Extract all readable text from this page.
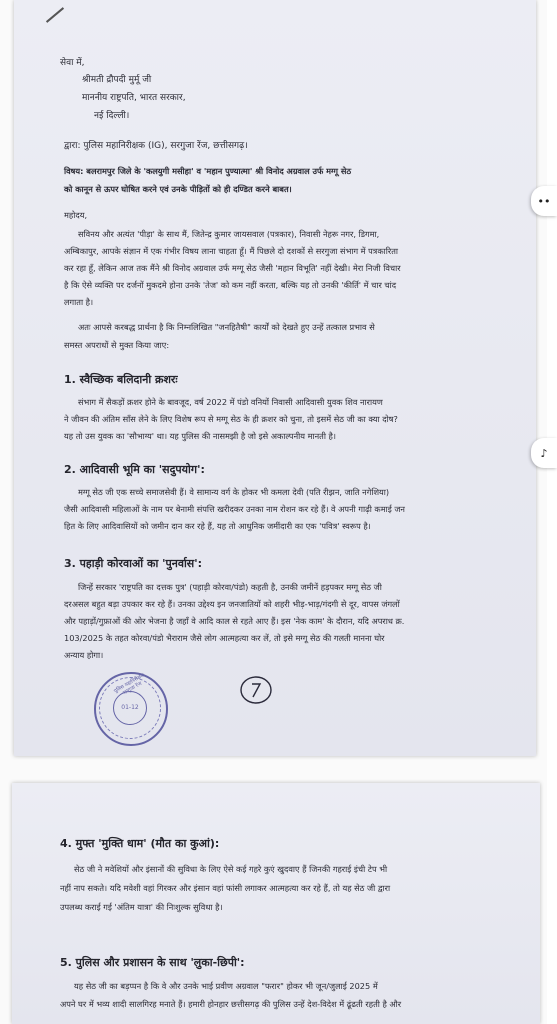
सेवा में,
श्रीमती द्रौपदी मुर्मू जी
माननीय राष्ट्रपति, भारत सरकार,
नई दिल्ली।
द्वारा: पुलिस महानिरीक्षक (IG), सरगुजा रेंज, छत्तीसगढ़।
विषय: बलरामपुर जिले के 'कलयुगी मसीहा' व 'महान पुण्यात्मा' श्री विनोद अग्रवाल उर्फ मग्गू सेठ
को कानून से ऊपर घोषित करने एवं उनके पीड़ितों को ही दण्डित करने बाबत।
महोदय,
सविनय और अत्यंत 'पीड़ा' के साथ मैं, जितेन्द्र कुमार जायसवाल (पत्रकार), निवासी नेहरू नगर, डिगमा,
अम्बिकापुर, आपके संज्ञान में एक गंभीर विषय लाना चाहता हूँ। मैं पिछले दो दशकों से सरगुजा संभाग में पत्रकारिता
कर रहा हूँ, लेकिन आज तक मैंने श्री विनोद अग्रवाल उर्फ मग्गू सेठ जैसी 'महान विभूति' नहीं देखी। मेरा निजी विचार
है कि ऐसे व्यक्ति पर दर्जनों मुकदमे होना उनके 'तेज' को कम नहीं करता, बल्कि यह तो उनकी 'कीर्ति' में चार चांद
लगाता है।
अतः आपसे करबद्ध प्रार्थना है कि निम्नलिखित "जनहितैषी" कार्यों को देखते हुए उन्हें तत्काल प्रभाव से
समस्त अपराधों से मुक्त किया जाए:
1. स्वैच्छिक बलिदानी क्रशरः
संभाग में सैकड़ों क्रशर होने के बावजूद, वर्ष 2022 में पंडो वनियों निवासी आदिवासी युवक शिव नारायण
ने जीवन की अंतिम साँस लेने के लिए विशेष रूप से मग्गू सेठ के ही क्रशर को चुना, तो इसमें सेठ जी का क्या दोष?
यह तो उस युवक का 'सौभाग्य' था। यह पुलिस की नासमझी है जो इसे अकाल्पनीय मानती है।
2. आदिवासी भूमि का 'सदुपयोग':
मग्गू सेठ जी एक सच्चे समाजसेवी हैं। वे सामान्य वर्ग के होकर भी कमला देवी (पति रीझन, जाति नगेशिया)
जैसी आदिवासी महिलाओं के नाम पर बेनामी संपत्ति खरीदकर उनका नाम रोशन कर रहे हैं। वे अपनी गाढ़ी कमाई जन
हित के लिए आदिवासियों को जमीन दान कर रहे हैं, यह तो आधुनिक जमींदारी का एक 'पवित्र' स्वरूप है।
3. पहाड़ी कोरवाओं का 'पुनर्वास':
जिन्हें सरकार 'राष्ट्रपति का दत्तक पुत्र' (पहाड़ी कोरवा/पंडो) कहती है, उनकी जमीनें हड़पकर मग्गू सेठ जी
दरअसल बहुत बड़ा उपकार कर रहे हैं। उनका उद्देश्य इन जनजातियों को शहरी भीड़-भाड़/गंदगी से दूर, वापस जंगलों
और पहाड़ों/गुफ़ाओं की ओर भेजना है जहाँ वे आदि काल से रहते आए हैं। इस 'नेक काम' के दौरान, यदि अपराध क्र.
103/2025 के तहत कोरवा/पंडो भैराराम जैसे लोग आत्महत्या कर लें, तो इसे मग्गू सेठ की गलती मानना घोर
अन्याय होगा।
पुलिस महानिरीक्षक सरगुजा रेंज
01-12
4. मुफ्त 'मुक्ति धाम' (मौत का कुआं):
सेठ जी ने मवेशियों और इंसानों की सुविधा के लिए ऐसे कई गहरे कुएं खुदवाए हैं जिनकी गहराई इंची टेप भी
नहीं नाप सकते। यदि मवेशी वहां गिरकर और इंसान वहां फांसी लगाकर आत्महत्या कर रहे हैं, तो यह सेठ जी द्वारा
उपलब्ध कराई गई 'अंतिम यात्रा' की निःशुल्क सुविधा है।
5. पुलिस और प्रशासन के साथ 'लुका-छिपी':
यह सेठ जी का बड़प्पन है कि वे और उनके भाई प्रवीण अग्रवाल "फरार" होकर भी जून/जुलाई 2025 में
अपने घर में भव्य शादी सालगिरह मनाते हैं। हमारी होनहार छत्तीसगढ़ की पुलिस उन्हें देश-विदेश में ढूंढती रहती है और
••
♪
